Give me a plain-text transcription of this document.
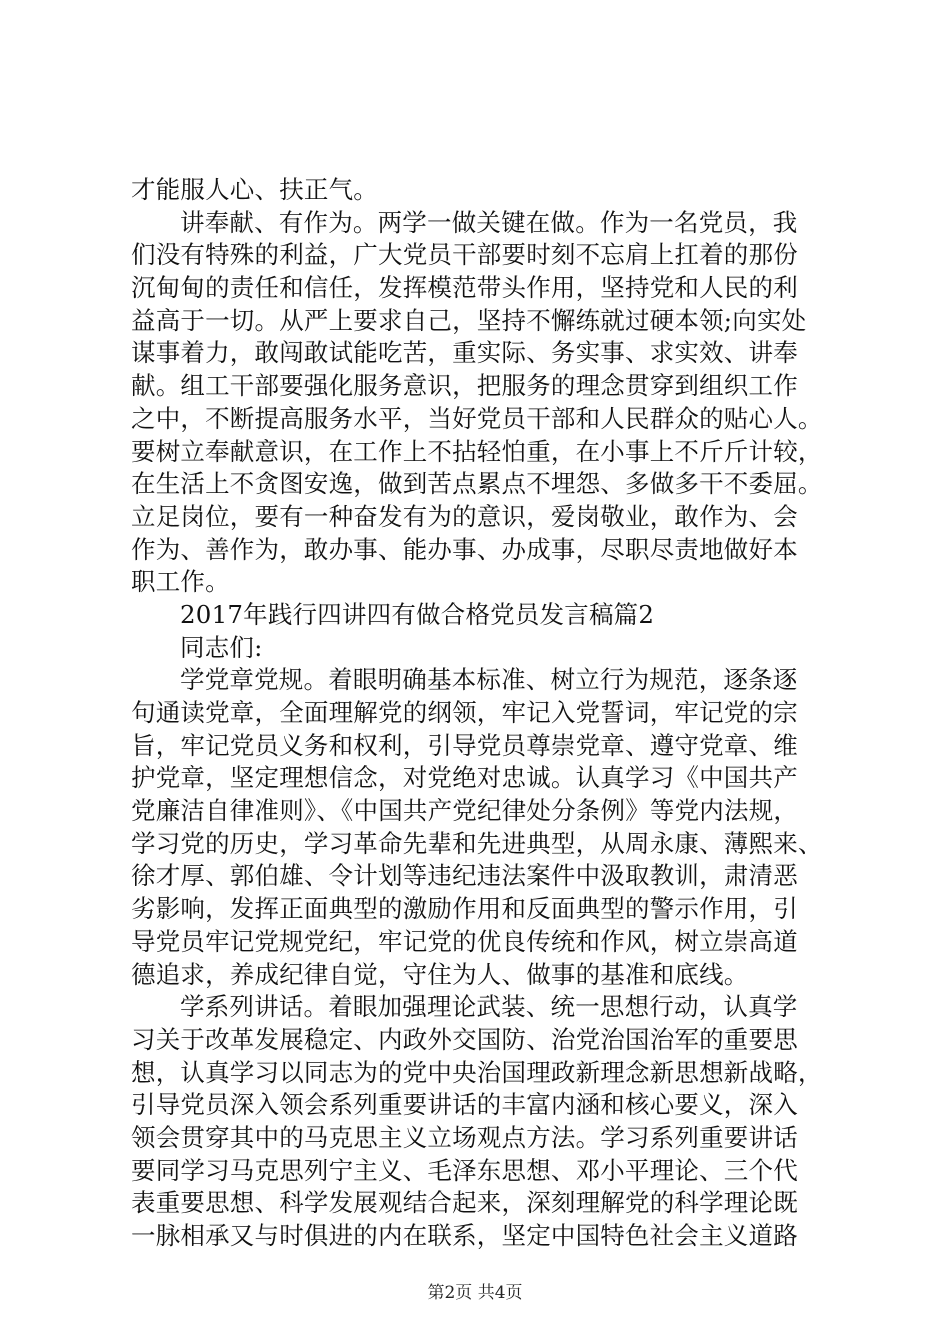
才能服人心、扶正气。
讲奉献、有作为。两学一做关键在做。作为一名党员，我
们没有特殊的利益，广大党员干部要时刻不忘肩上扛着的那份
沉甸甸的责任和信任，发挥模范带头作用，坚持党和人民的利
益高于一切。从严上要求自己，坚持不懈练就过硬本领;向实处
谋事着力，敢闯敢试能吃苦，重实际、务实事、求实效、讲奉
献。组工干部要强化服务意识，把服务的理念贯穿到组织工作
之中，不断提高服务水平，当好党员干部和人民群众的贴心人。
要树立奉献意识，在工作上不拈轻怕重，在小事上不斤斤计较，
在生活上不贪图安逸，做到苦点累点不埋怨、多做多干不委屈。
立足岗位，要有一种奋发有为的意识，爱岗敬业，敢作为、会
作为、善作为，敢办事、能办事、办成事，尽职尽责地做好本
职工作。
2017年践行四讲四有做合格党员发言稿篇2
同志们:
学党章党规。着眼明确基本标准、树立行为规范，逐条逐
句通读党章，全面理解党的纲领，牢记入党誓词，牢记党的宗
旨，牢记党员义务和权利，引导党员尊崇党章、遵守党章、维
护党章，坚定理想信念，对党绝对忠诚。认真学习《中国共产
党廉洁自律准则》、《中国共产党纪律处分条例》等党内法规，
学习党的历史，学习革命先辈和先进典型，从周永康、薄熙来、
徐才厚、郭伯雄、令计划等违纪违法案件中汲取教训，肃清恶
劣影响，发挥正面典型的激励作用和反面典型的警示作用，引
导党员牢记党规党纪，牢记党的优良传统和作风，树立崇高道
德追求，养成纪律自觉，守住为人、做事的基准和底线。
学系列讲话。着眼加强理论武装、统一思想行动，认真学
习关于改革发展稳定、内政外交国防、治党治国治军的重要思
想，认真学习以同志为的党中央治国理政新理念新思想新战略，
引导党员深入领会系列重要讲话的丰富内涵和核心要义，深入
领会贯穿其中的马克思主义立场观点方法。学习系列重要讲话
要同学习马克思列宁主义、毛泽东思想、邓小平理论、三个代
表重要思想、科学发展观结合起来，深刻理解党的科学理论既
一脉相承又与时俱进的内在联系，坚定中国特色社会主义道路
第2页 共4页
